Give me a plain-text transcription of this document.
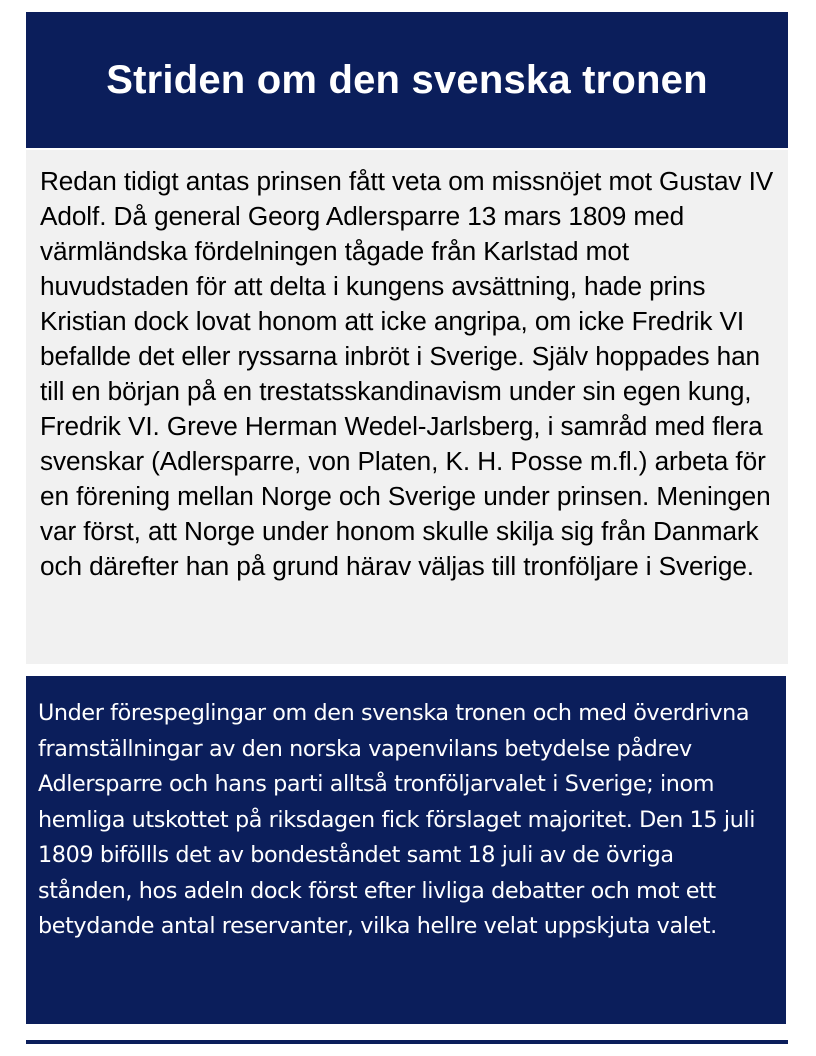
Striden om den svenska tronen

Redan tidigt antas prinsen fått veta om missnöjet mot Gustav IV Adolf. Då general Georg Adlersparre 13 mars 1809 med värmländska fördelningen tågade från Karlstad mot huvudstaden för att delta i kungens avsättning, hade prins Kristian dock lovat honom att icke angripa, om icke Fredrik VI befallde det eller ryssarna inbröt i Sverige. Själv hoppades han till en början på en trestatsskandinavism under sin egen kung, Fredrik VI. Greve Herman Wedel-Jarlsberg, i samråd med flera svenskar (Adlersparre, von Platen, K. H. Posse m.fl.) arbeta för en förening mellan Norge och Sverige under prinsen. Meningen var först, att Norge under honom skulle skilja sig från Danmark och därefter han på grund härav väljas till tronföljare i Sverige.

Under förespeglingar om den svenska tronen och med överdrivna framställningar av den norska vapenvilans betydelse pådrev Adlersparre och hans parti alltså tronföljarvalet i Sverige; inom hemliga utskottet på riksdagen fick förslaget majoritet. Den 15 juli 1809 biföllls det av bondeståndet samt 18 juli av de övriga stånden, hos adeln dock först efter livliga debatter och mot ett betydande antal reservanter, vilka hellre velat uppskjuta valet.
